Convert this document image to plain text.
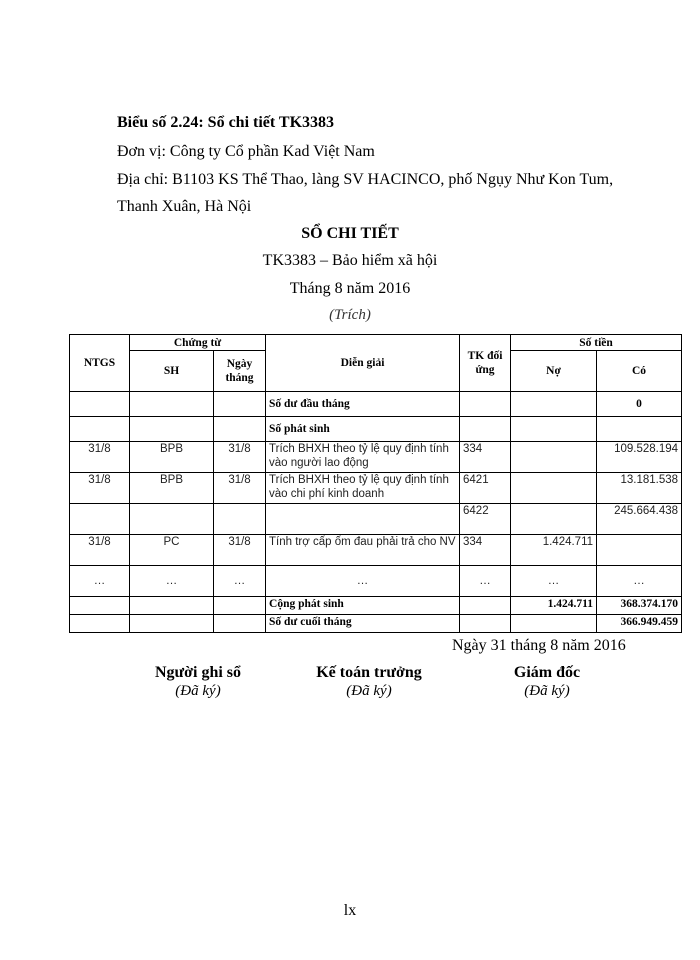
Biểu số 2.24: Sổ chi tiết TK3383
Đơn vị: Công ty Cổ phần Kad Việt Nam
Địa chỉ: B1103 KS Thể Thao, làng SV HACINCO, phố Ngụy Như Kon Tum,
Thanh Xuân, Hà Nội
SỔ CHI TIẾT
TK3383 – Bảo hiểm xã hội
Tháng 8 năm 2016
(Trích)
NTGS	Chứng từ		Diễn giải	TK đối ứng	Số tiền	
	SH	Ngày tháng			Nợ	Có
			Số dư đầu tháng			0
			Số phát sinh			
31/8	BPB	31/8	Trích BHXH theo tỷ lệ quy định tính vào người lao động	334		109.528.194
31/8	BPB	31/8	Trích BHXH theo tỷ lệ quy định tính vào chi phí kinh doanh	6421		13.181.538
				6422		245.664.438
31/8	PC	31/8	Tính trợ cấp ốm đau phải trả cho NV	334	1.424.711	
…	…	…	…	…	…	…
			Cộng phát sinh		1.424.711	368.374.170
			Số dư cuối tháng			366.949.459
Ngày 31 tháng 8 năm 2016
Người ghi sổ
(Đã ký)
Kế toán trưởng
(Đã ký)
Giám đốc
(Đã ký)
lx
